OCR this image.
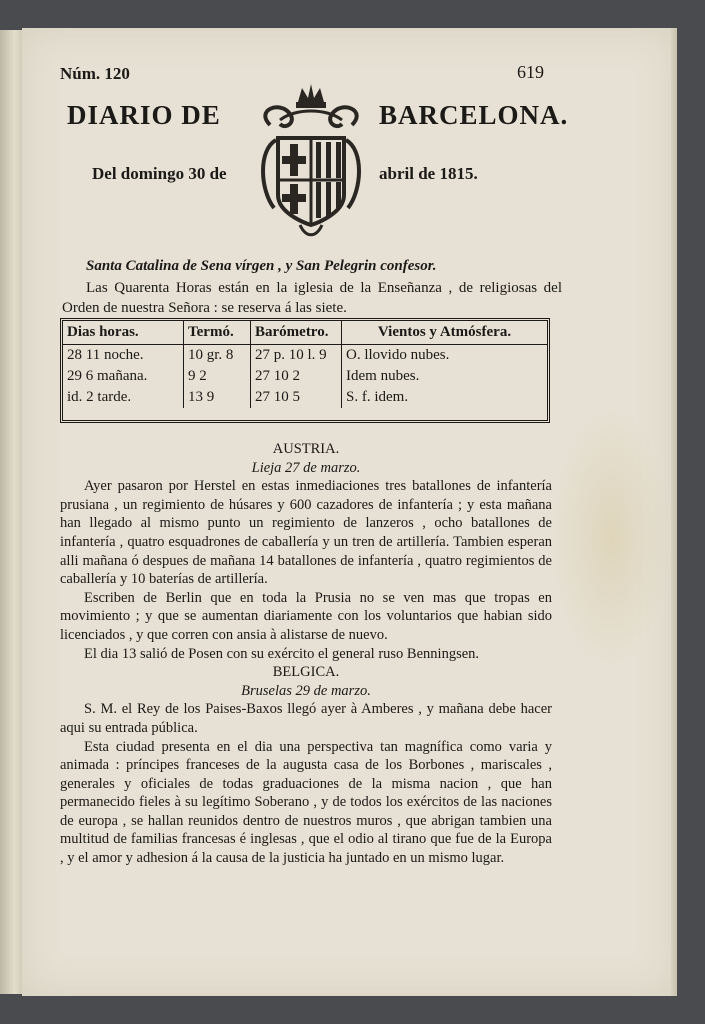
Núm. 120	619
DIARIO DE	BARCELONA.
Del domingo 30 de	abril de 1815.
Santa Catalina de Sena vírgen , y San Pelegrin confesor.
Las Quarenta Horas están en la iglesia de la Enseñanza , de religiosas del Orden de nuestra Señora : se reserva á las siete.
Dias horas.	Termó.	Barómetro.	Vientos y Atmósfera.
28 11 noche.	10 gr. 8	27 p. 10 l. 9	O. llovido nubes.
29 6 mañana.	9 2	27 10 2	Idem nubes.
id. 2 tarde.	13 9	27 10 5	S. f. idem.

AUSTRIA.

Lieja 27 de marzo.

Ayer pasaron por Herstel en estas inmediaciones tres batallones de infantería prusiana , un regimiento de húsares y 600 cazadores de infantería ; y esta mañana han llegado al mismo punto un regimiento de lanzeros , ocho batallones de infantería , quatro esquadrones de caballería y un tren de artillería. Tambien esperan alli mañana ó despues de mañana 14 batallones de infantería , quatro regimientos de caballería y 10 baterías de artillería.

Escriben de Berlin que en toda la Prusia no se ven mas que tropas en movimiento ; y que se aumentan diariamente con los voluntarios que habian sido licenciados , y que corren con ansia à alistarse de nuevo.

El dia 13 salió de Posen con su exército el general ruso Benningsen.

BELGICA.

Bruselas 29 de marzo.

S. M. el Rey de los Paises-Baxos llegó ayer à Amberes , y mañana debe hacer aqui su entrada pública.

Esta ciudad presenta en el dia una perspectiva tan magnífica como varia y animada : príncipes franceses de la augusta casa de los Borbones , mariscales , generales y oficiales de todas graduaciones de la misma nacion , que han permanecido fieles à su legítimo Soberano , y de todos los exércitos de las naciones de europa , se hallan reunidos dentro de nuestros muros , que abrigan tambien una multitud de familias francesas é inglesas , que el odio al tirano que fue de la Europa , y el amor y adhesion á la causa de la justicia ha juntado en un mismo lugar.
